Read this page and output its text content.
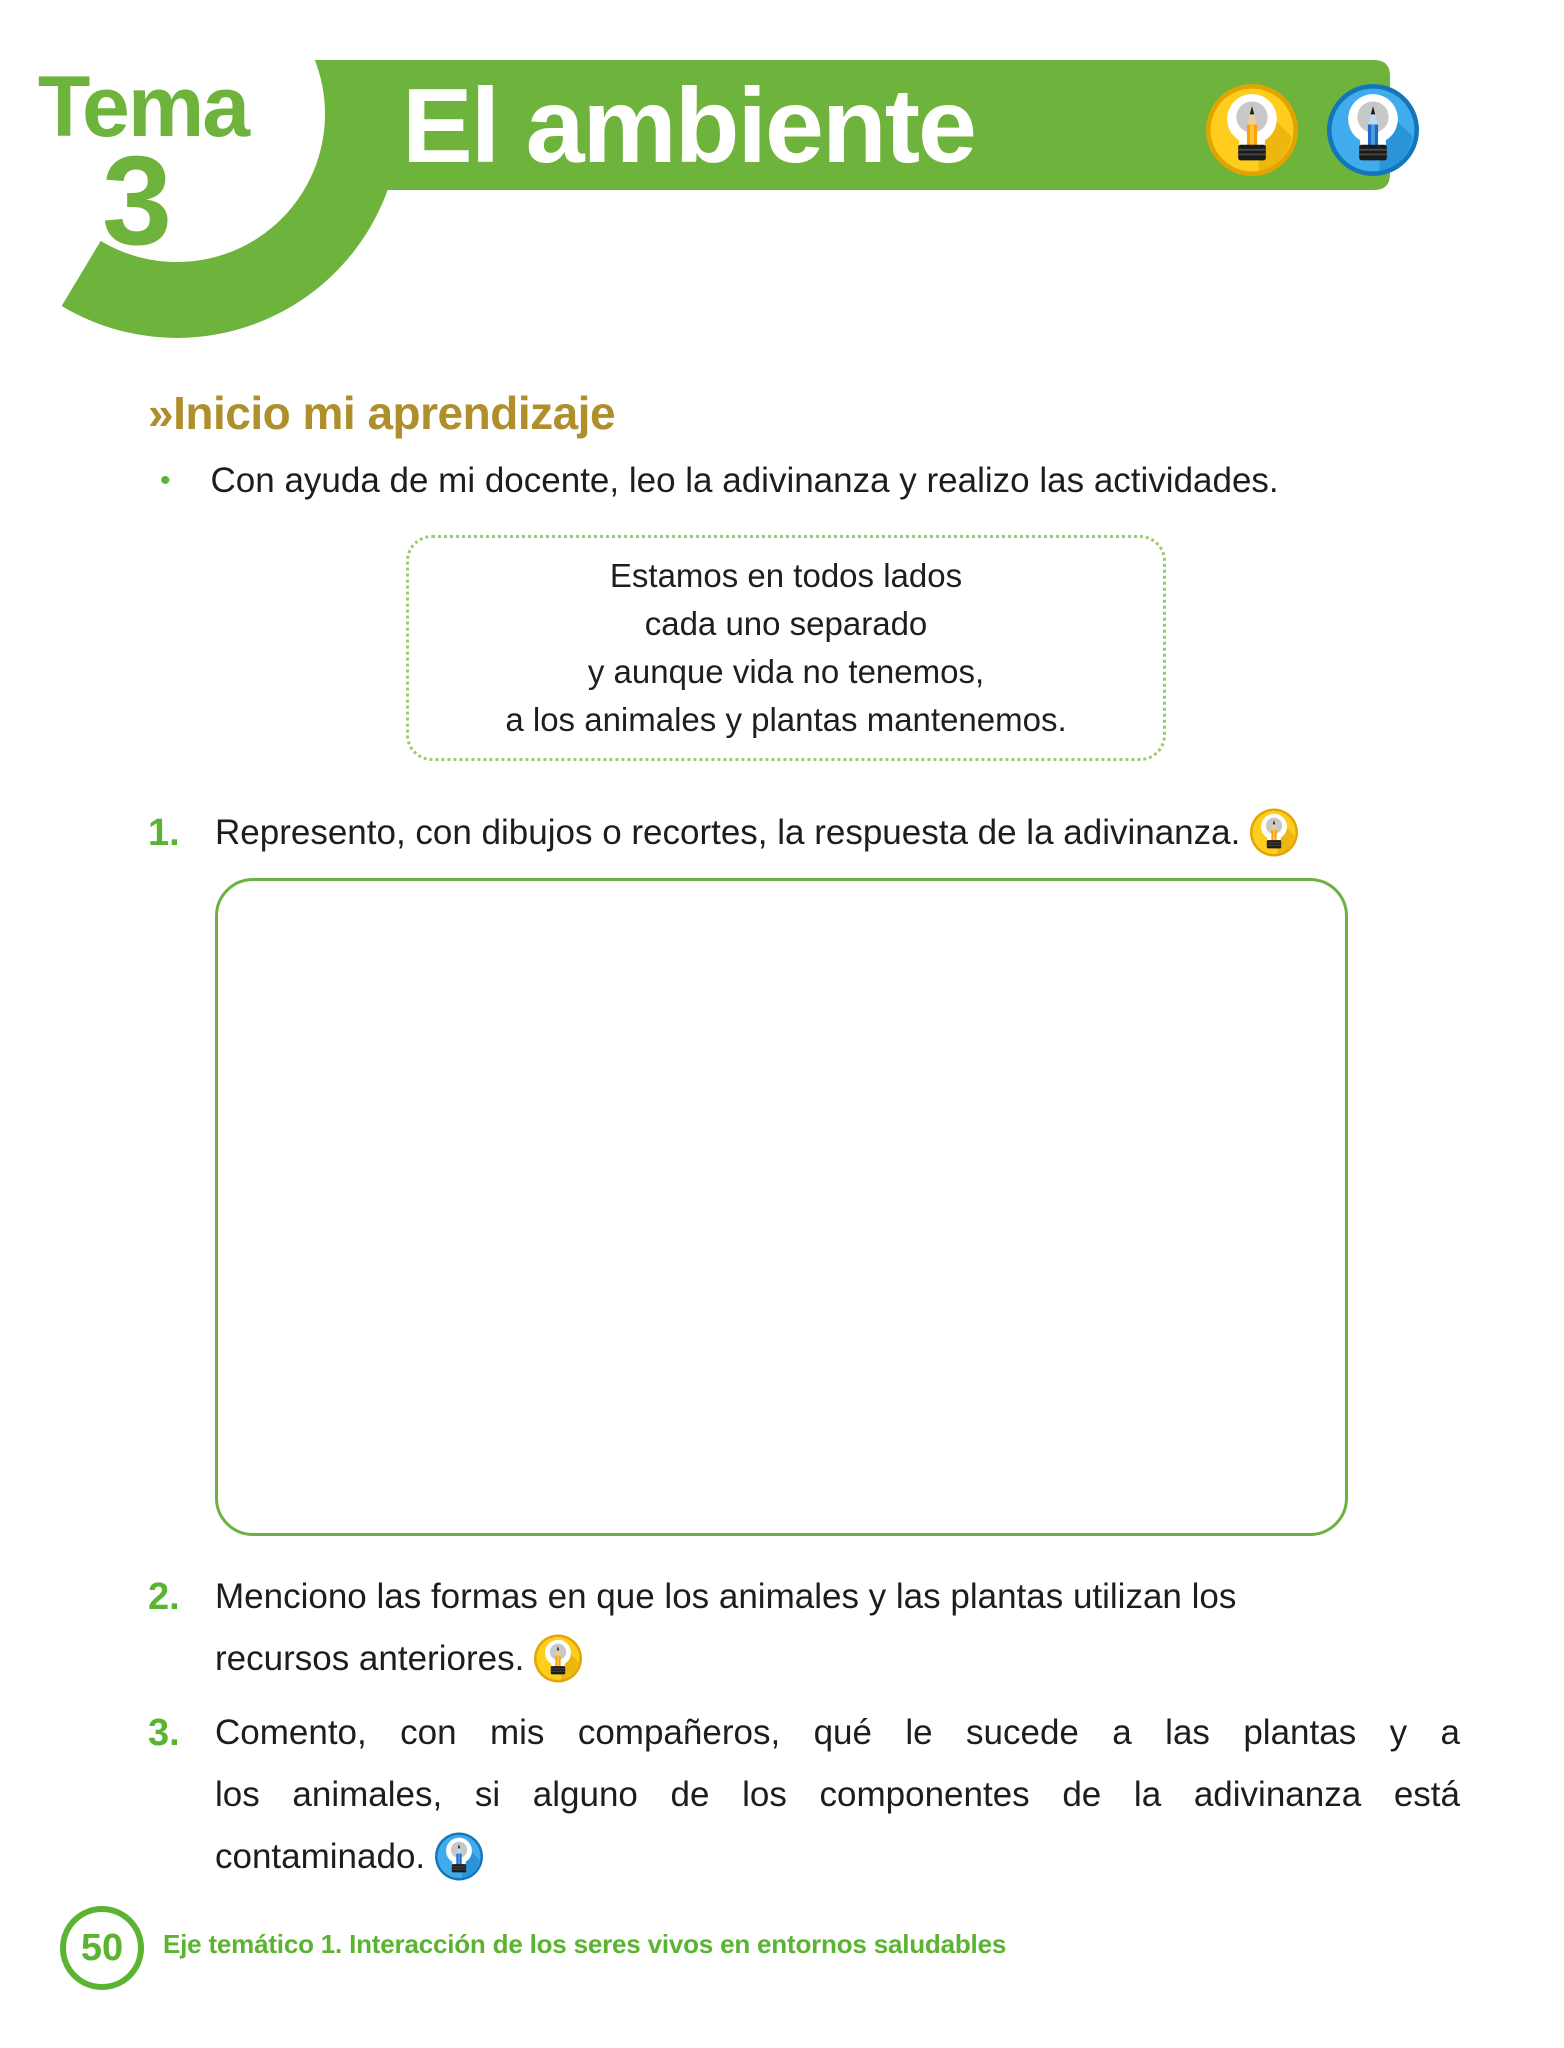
Tema
3
El ambiente
»Inicio mi aprendizaje
• Con ayuda de mi docente, leo la adivinanza y realizo las actividades.

Estamos en todos lados

cada uno separado

y aunque vida no tenemos,

a los animales y plantas mantenemos.

1. Represento, con dibujos o recortes, la respuesta de la adivinanza.

2. Menciono las formas en que los animales y las plantas utilizan los
recursos anteriores.

3. Comento, con mis compañeros, qué le sucede a las plantas y a
los animales, si alguno de los componentes de la adivinanza está
contaminado.

50 Eje temático 1. Interacción de los seres vivos en entornos saludables
